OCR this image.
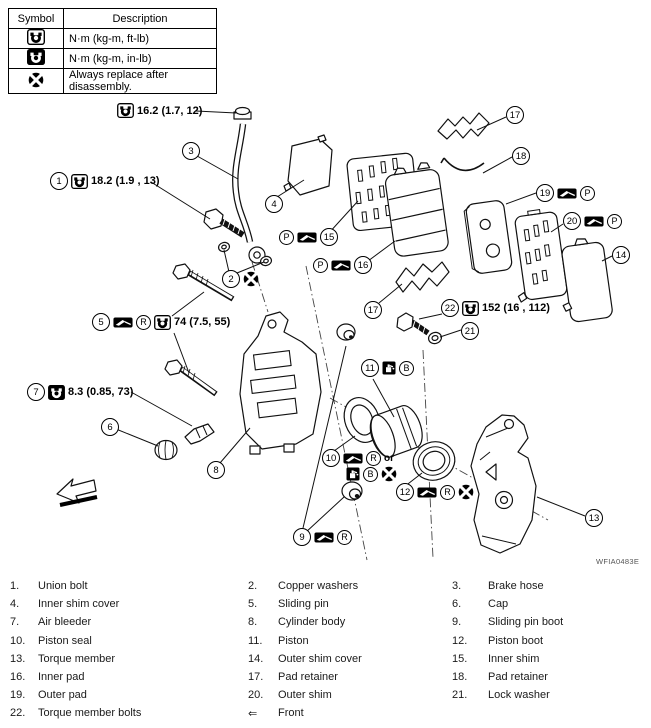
Symbol	Description
	N·m (kg-m, ft-lb)
	N·m (kg-m, in-lb)
	Always replace after disassembly.
16.2 (1.7, 12)
1	18.2 (1.9 , 13)
3
4
P	15
P	16
2
5	R	74 (7.5, 55)
17
18
19	P
20	P
14
17	22	152 (16 , 112)
21
11	B
7	8.3 (0.85, 73)
6
10	R or
B
12	R
8
9	R
13
WFIA0483E
1.	Union bolt	2.	Copper washers	3.	Brake hose
4.	Inner shim cover	5.	Sliding pin	6.	Cap
7.	Air bleeder	8.	Cylinder body	9.	Sliding pin boot
10.	Piston seal	11.	Piston	12.	Piston boot
13.	Torque member	14.	Outer shim cover	15.	Inner shim
16.	Inner pad	17.	Pad retainer	18.	Pad retainer
19.	Outer pad	20.	Outer shim	21.	Lock washer
22.	Torque member bolts	⇐	Front
